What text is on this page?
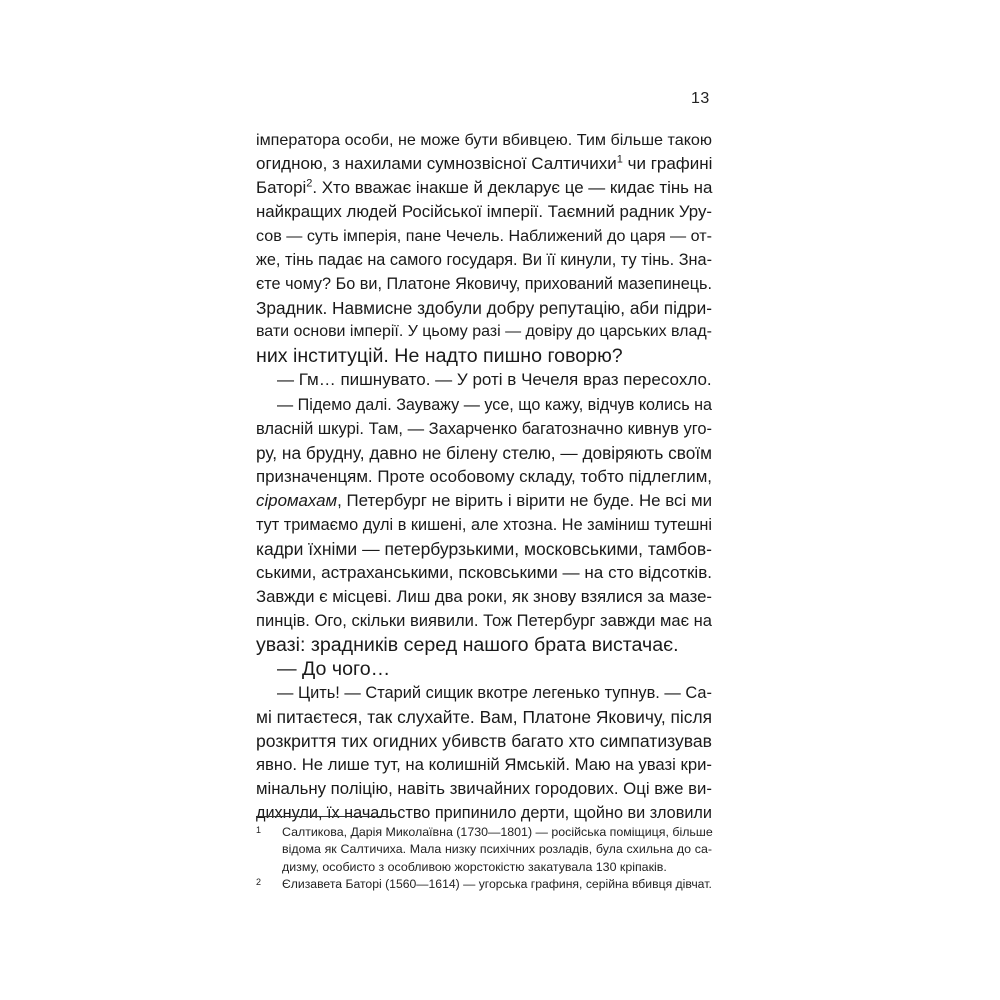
13
імператора особи, не може бути вбивцею. Тим більше такою
огидною, з нахилами сумнозвісної Салтичихи$^1$ чи графині
Баторі$^2$. Хто вважає інакше й декларує це — кидає тінь на
найкращих людей Російської імперії. Таємний радник Уру-
сов — суть імперія, пане Чечель. Наближений до царя — от-
же, тінь падає на самого государя. Ви її кинули, ту тінь. Зна-
єте чому? Бо ви, Платоне Яковичу, прихований мазепинець.
Зрадник. Навмисне здобули добру репутацію, аби підри-
вати основи імперії. У цьому разі — довіру до царських влад-
них інституцій. Не надто пишно говорю?
— Гм… пишнувато. — У роті в Чечеля враз пересохло.
— Підемо далі. Зауважу — усе, що кажу, відчув колись на
власній шкурі. Там, — Захарченко багатозначно кивнув уго-
ру, на брудну, давно не білену стелю, — довіряють своїм
призначенцям. Проте особовому складу, тобто підлеглим,
сіромахам, Петербург не вірить і вірити не буде. Не всі ми
тут тримаємо дулі в кишені, але хтозна. Не заміниш тутешні
кадри їхніми — петербурзькими, московськими, тамбов-
ськими, астраханськими, псковськими — на сто відсотків.
Завжди є місцеві. Лиш два роки, як знову взялися за мазе-
пинців. Ого, скільки виявили. Тож Петербург завжди має на
увазі: зрадників серед нашого брата вистачає.
— До чого…
— Цить! — Старий сищик вкотре легенько тупнув. — Са-
мі питаєтеся, так слухайте. Вам, Платоне Яковичу, після
розкриття тих огидних убивств багато хто симпатизував
явно. Не лише тут, на колишній Ямській. Маю на увазі кри-
мінальну поліцію, навіть звичайних городових. Оці вже ви-
дихнули, їх начальство припинило дерти, щойно ви зловили
1 Салтикова, Дарія Миколаївна (1730—1801) — російська поміщиця, більше
відома як Салтичиха. Мала низку психічних розладів, була схильна до са-
дизму, особисто з особливою жорстокістю закатувала 130 кріпаків.
2 Єлизавета Баторі (1560—1614) — угорська графиня, серійна вбивця дівчат.
